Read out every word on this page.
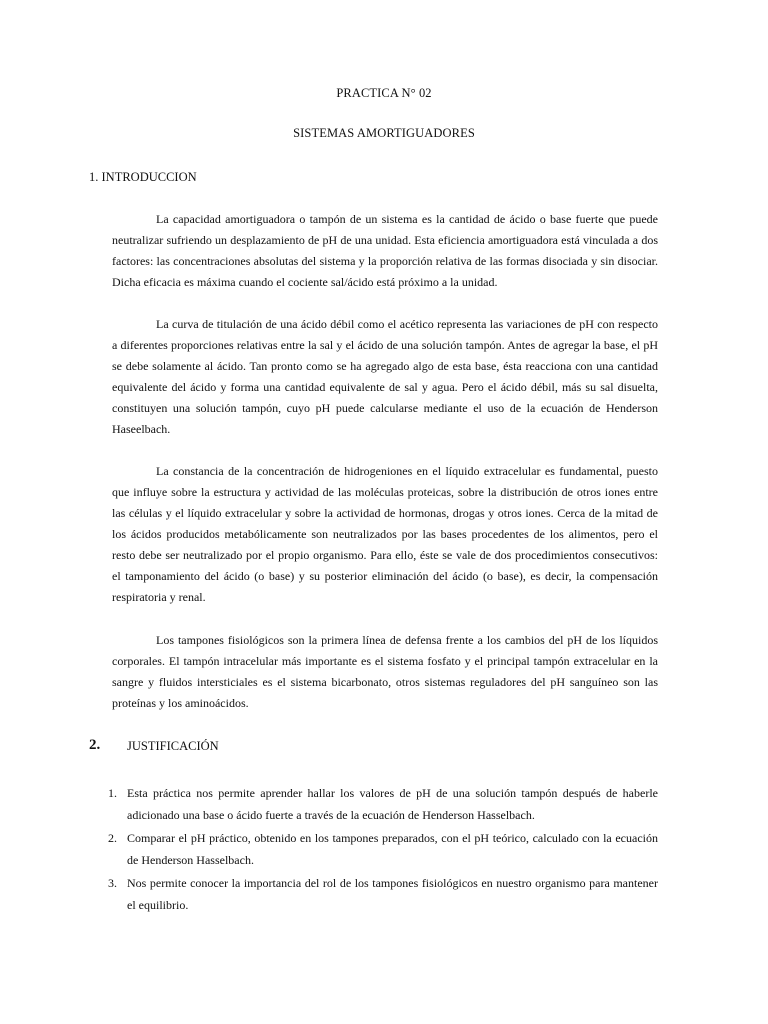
PRACTICA N° 02
SISTEMAS AMORTIGUADORES
1. INTRODUCCION

La capacidad amortiguadora o tampón de un sistema es la cantidad de ácido o base fuerte que puede neutralizar sufriendo un desplazamiento de pH de una unidad. Esta eficiencia amortiguadora está vinculada a dos factores: las concentraciones absolutas del sistema y la proporción relativa de las formas disociada y sin disociar. Dicha eficacia es máxima cuando el cociente sal/ácido está próximo a la unidad.

La curva de titulación de una ácido débil como el acético representa las variaciones de pH con respecto a diferentes proporciones relativas entre la sal y el ácido de una solución tampón. Antes de agregar la base, el pH se debe solamente al ácido. Tan pronto como se ha agregado algo de esta base, ésta reacciona con una cantidad equivalente del ácido y forma una cantidad equivalente de sal y agua. Pero el ácido débil, más su sal disuelta, constituyen una solución tampón, cuyo pH puede calcularse mediante el uso de la ecuación de Henderson Haseelbach.

La constancia de la concentración de hidrogeniones en el líquido extracelular es fundamental, puesto que influye sobre la estructura y actividad de las moléculas proteicas, sobre la distribución de otros iones entre las células y el líquido extracelular y sobre la actividad de hormonas, drogas y otros iones. Cerca de la mitad de los ácidos producidos metabólicamente son neutralizados por las bases procedentes de los alimentos, pero el resto debe ser neutralizado por el propio organismo. Para ello, éste se vale de dos procedimientos consecutivos: el tamponamiento del ácido (o base) y su posterior eliminación del ácido (o base), es decir, la compensación respiratoria y renal.

Los tampones fisiológicos son la primera línea de defensa frente a los cambios del pH de los líquidos corporales. El tampón intracelular más importante es el sistema fosfato y el principal tampón extracelular en la sangre y fluidos intersticiales es el sistema bicarbonato, otros sistemas reguladores del pH sanguíneo son las proteínas y los aminoácidos.

2. JUSTIFICACIÓN
1. Esta práctica nos permite aprender hallar los valores de pH de una solución tampón después de haberle adicionado una base o ácido fuerte a través de la ecuación de Henderson Hasselbach.
2. Comparar el pH práctico, obtenido en los tampones preparados, con el pH teórico, calculado con la ecuación de Henderson Hasselbach.
3. Nos permite conocer la importancia del rol de los tampones fisiológicos en nuestro organismo para mantener el equilibrio.
